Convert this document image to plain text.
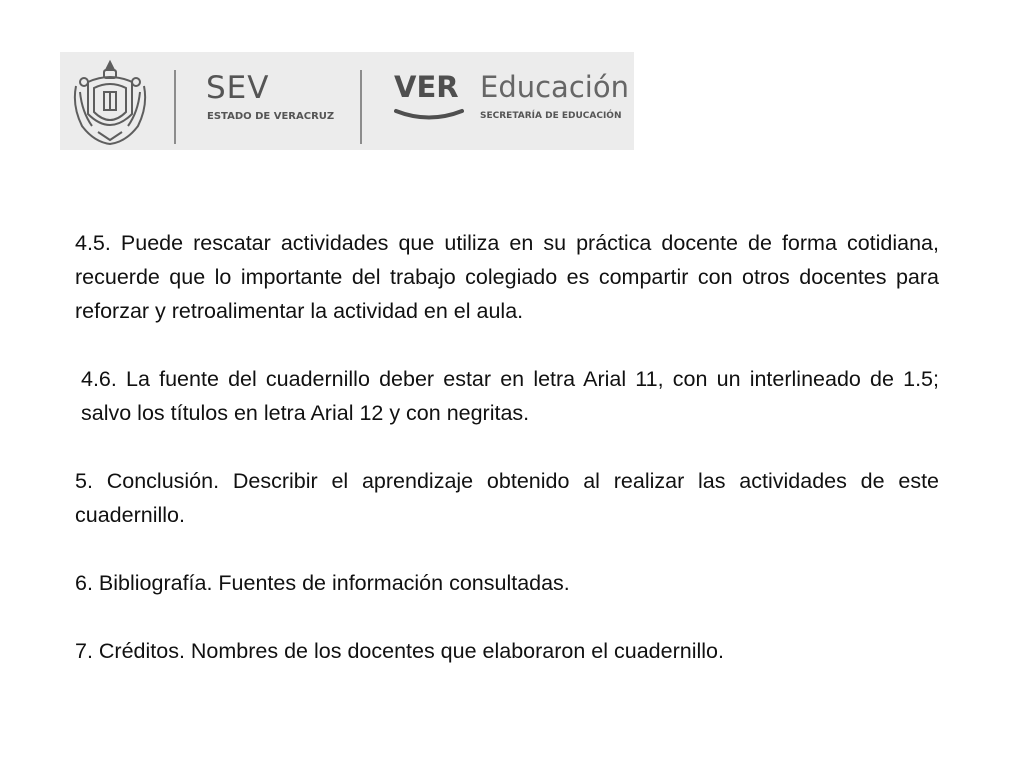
SEV
ESTADO DE VERACRUZ
VER Educación
SECRETARÍA DE EDUCACIÓN

4.5. Puede rescatar actividades que utiliza en su práctica docente de forma cotidiana, recuerde que lo importante del trabajo colegiado es compartir con otros docentes para reforzar y retroalimentar la actividad en el aula.

4.6. La fuente del cuadernillo deber estar en letra Arial 11, con un interlineado de 1.5; salvo los títulos en letra Arial 12 y con negritas.

5. Conclusión. Describir el aprendizaje obtenido al realizar las actividades de este cuadernillo.

6. Bibliografía. Fuentes de información consultadas.

7. Créditos. Nombres de los docentes que elaboraron el cuadernillo.
